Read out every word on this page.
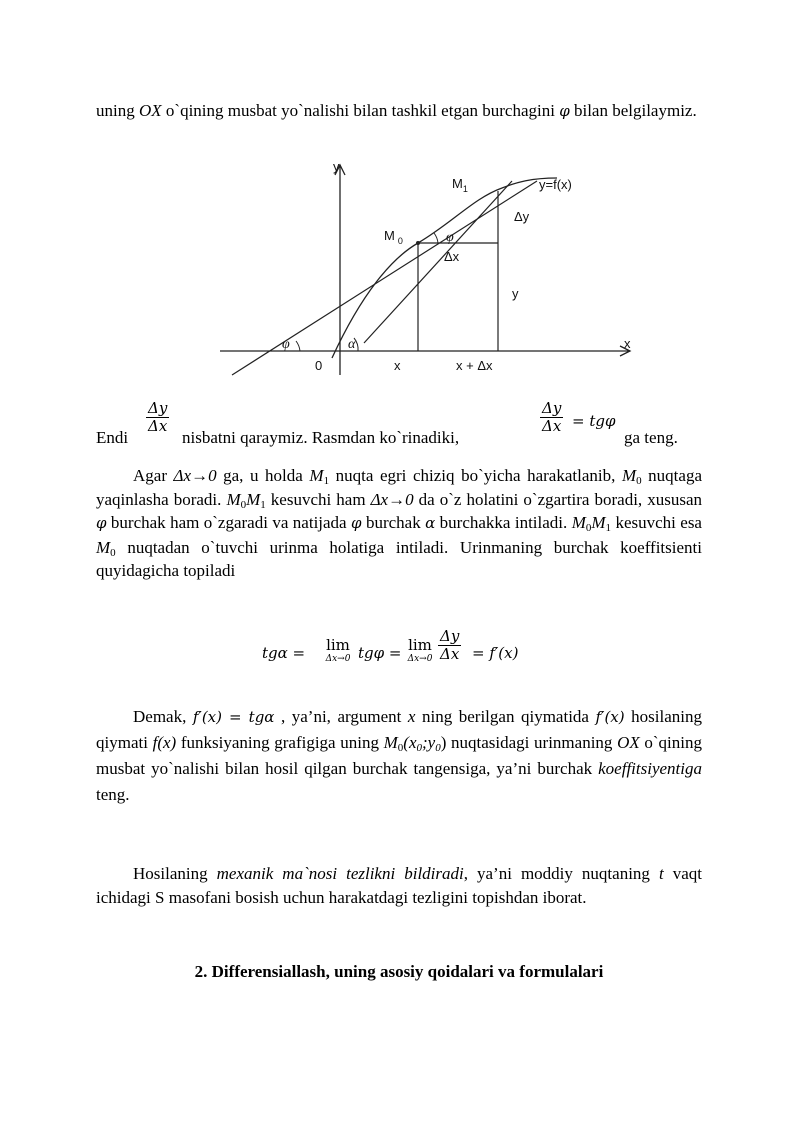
uning OX o`qining musbat yo`nalishi bilan tashkil etgan burchagini φ bilan belgilaymiz.

y
x
0
$M_1$	y=f(x)
M $_0$
Δy
Δx
y
φ
φ	α
x	x + Δx
Endi
$\frac{\Delta y}{\Delta x}$
nisbatni qaraymiz. Rasmdan ko`rinadiki,
$\frac{\Delta y}{\Delta x} = tg\varphi$
ga teng.

Agar Δx→0 ga, u holda $M_1$ nuqta egri chiziq bo`yicha harakatlanib, $M_0$ nuqtaga yaqinlasha boradi. $M_0M_1$ kesuvchi ham Δx→0 da o`z holatini o`zgartira boradi, xususan φ burchak ham o`zgaradi va natijada φ burchak α burchakka intiladi. $M_0M_1$ kesuvchi esa $M_0$ nuqtadan o`tuvchi urinma holatiga intiladi. Urinmaning burchak koeffitsienti quyidagicha topiladi

tgα =	lim
Δx→0 tgφ = lim
$\Delta x\to 0 \frac{\Delta y}{\Delta x} = f'(x)$

Demak, f′(x) = tgα , ya’ni, argument x ning berilgan qiymatida f′(x) hosilaning qiymati f(x) funksiyaning grafigiga uning $M_0(x_0;y_0)$ nuqtasidagi urinmaning OX o`qining musbat yo`nalishi bilan hosil qilgan burchak tangensiga, ya’ni burchak koeffitsiyentiga teng.

Hosilaning mexanik ma`nosi tezlikni bildiradi, ya’ni moddiy nuqtaning t vaqt ichidagi S masofani bosish uchun harakatdagi tezligini topishdan iborat.

2. Differensiallash, uning asosiy qoidalari va formulalari
